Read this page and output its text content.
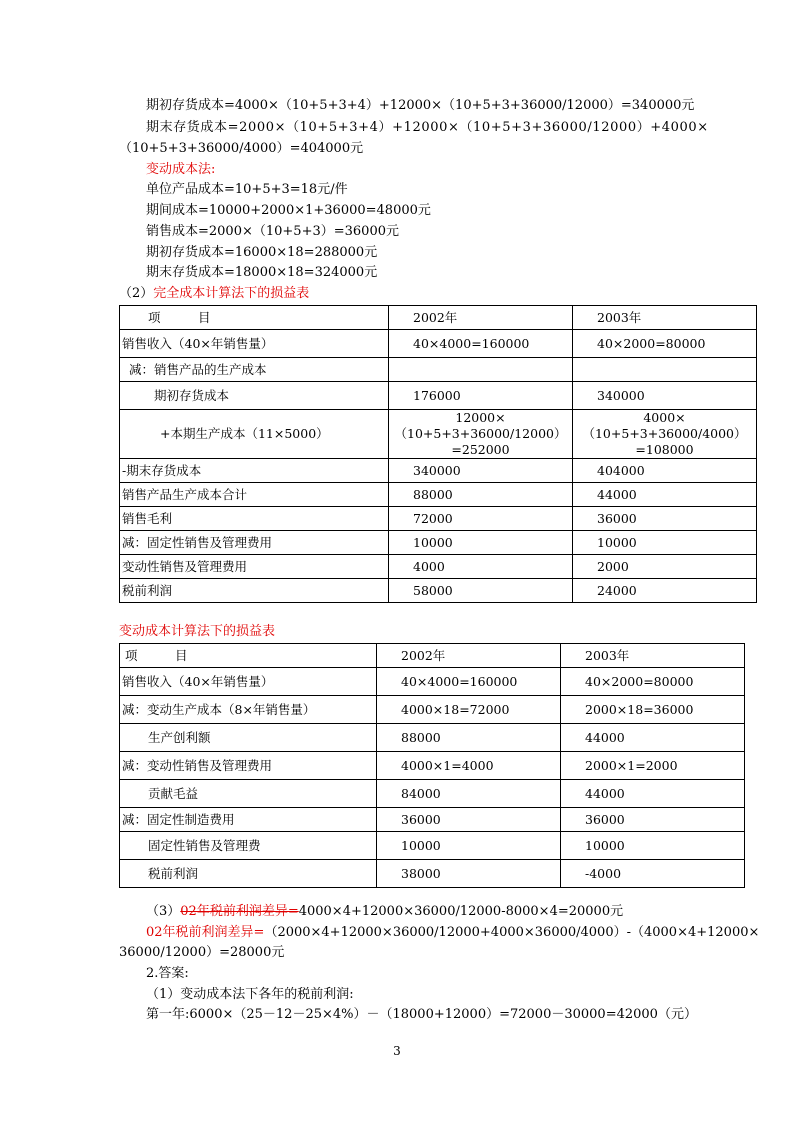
期初存货成本=4000×（10+5+3+4）+12000×（10+5+3+36000/12000）=340000元
期末存货成本=2000×（10+5+3+4）+12000×（10+5+3+36000/12000）+4000×
（10+5+3+36000/4000）=404000元
变动成本法:
单位产品成本=10+5+3=18元/件
期间成本=10000+2000×1+36000=48000元
销售成本=2000×（10+5+3）=36000元
期初存货成本=16000×18=288000元
期末存货成本=18000×18=324000元
（2）完全成本计算法下的损益表
项　　　目	2002年	2003年
销售收入（40×年销售量）	40×4000=160000	40×2000=80000
减：销售产品的生产成本		
期初存货成本	176000	340000
+本期生产成本（11×5000）	12000×（10+5+3+36000/12000）=252000	4000×（10+5+3+36000/4000）=108000
-期末存货成本	340000	404000
销售产品生产成本合计	88000	44000
销售毛利	72000	36000
减：固定性销售及管理费用	10000	10000
变动性销售及管理费用	4000	2000
税前利润	58000	24000
变动成本计算法下的损益表
项　　　目	2002年	2003年
销售收入（40×年销售量）	40×4000=160000	40×2000=80000
减：变动生产成本（8×年销售量）	4000×18=72000	2000×18=36000
生产创利额	88000	44000
减：变动性销售及管理费用	4000×1=4000	2000×1=2000
贡献毛益	84000	44000
减：固定性制造费用	36000	36000
固定性销售及管理费	10000	10000
税前利润	38000	-4000
（3）02年税前利润差异=4000×4+12000×36000/12000-8000×4=20000元
02年税前利润差异=（2000×4+12000×36000/12000+4000×36000/4000）-（4000×4+12000×
36000/12000）=28000元
2.答案:
（1）变动成本法下各年的税前利润:
第一年:6000×（25－12－25×4%）－（18000+12000）=72000－30000=42000（元）
3
